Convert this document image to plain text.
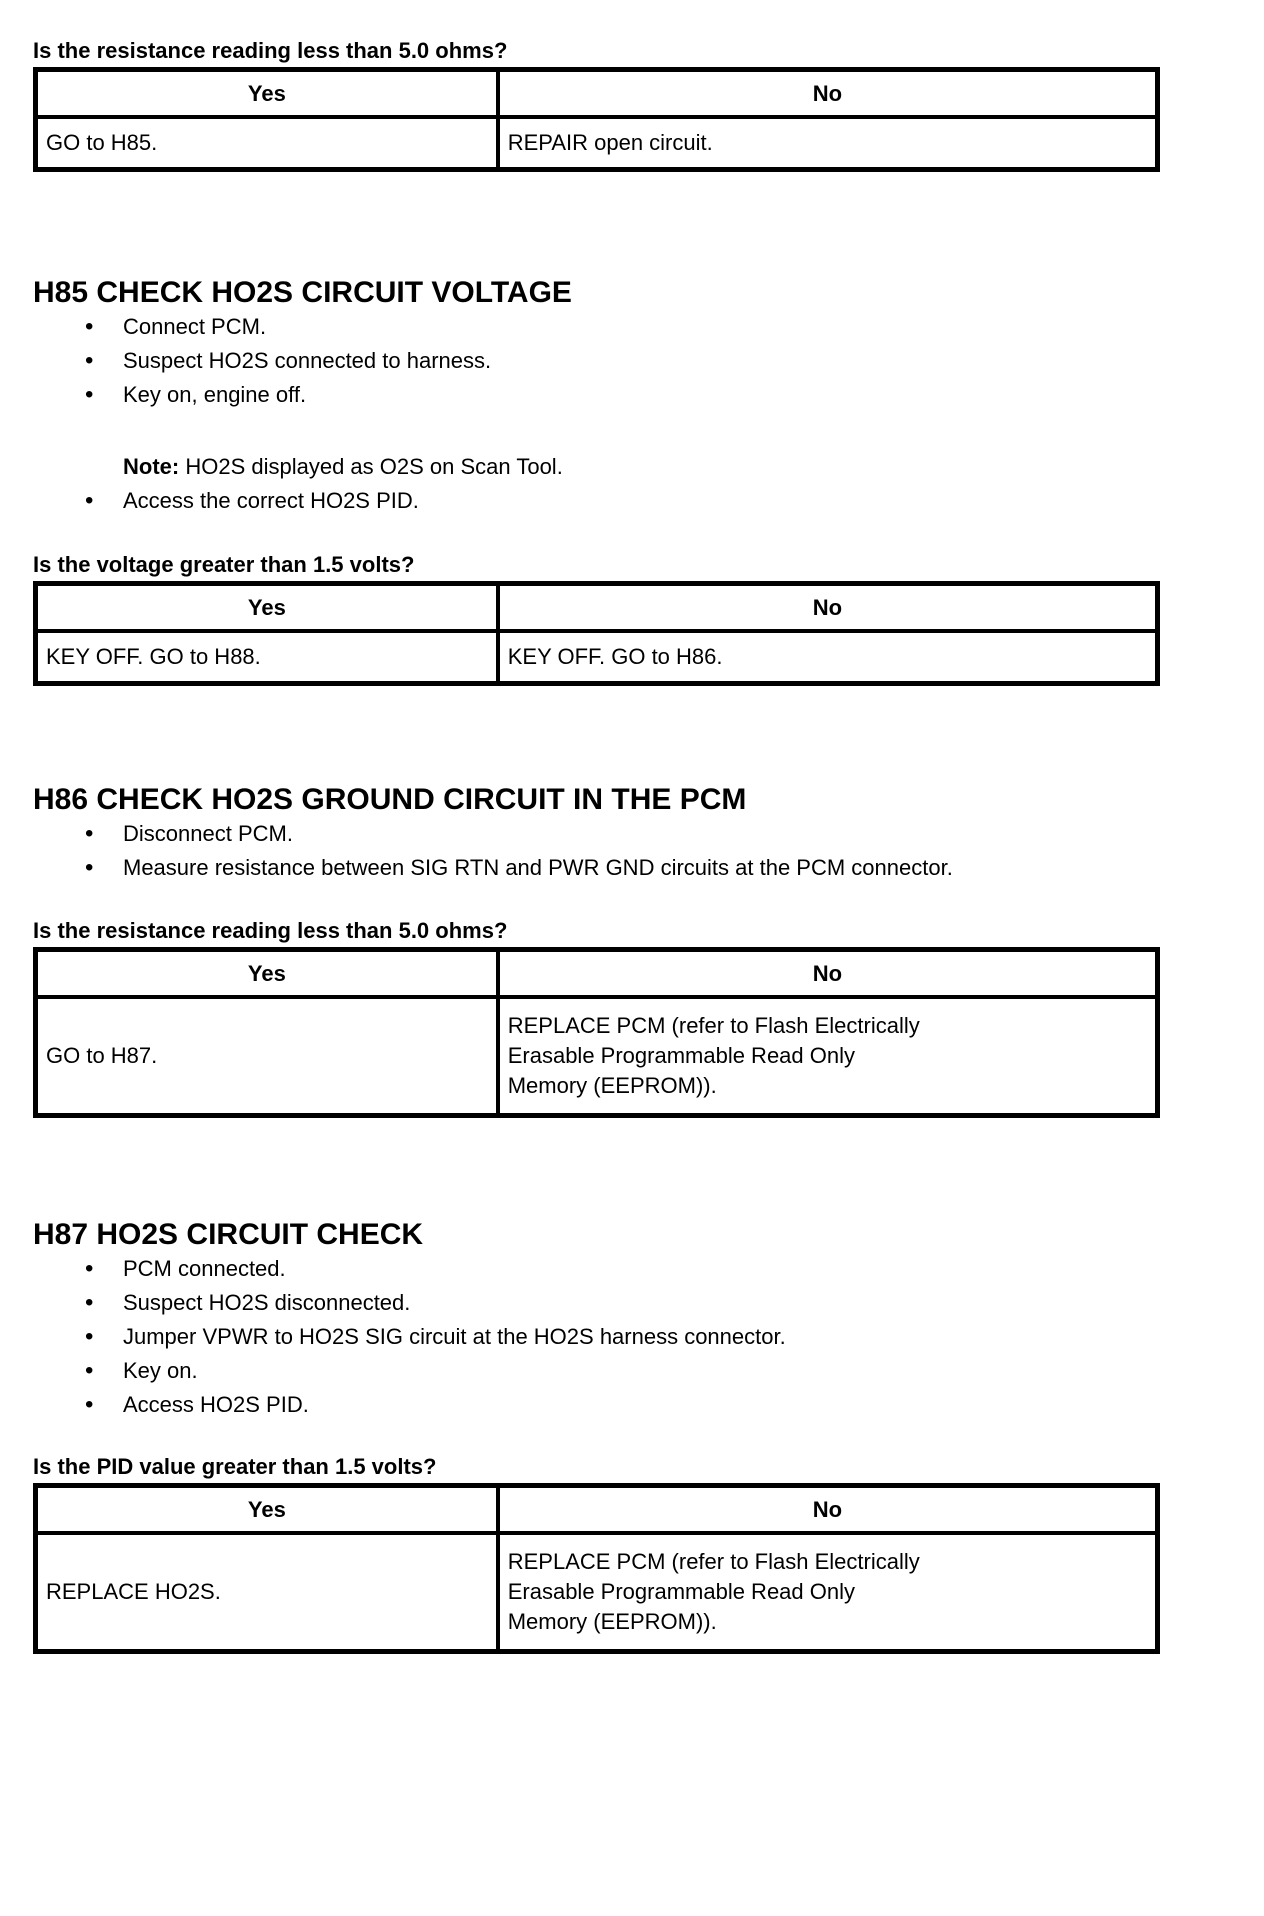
Is the resistance reading less than 5.0 ohms?

Yes	No
GO to H85.	REPAIR open circuit.
H85 CHECK HO2S CIRCUIT VOLTAGE
• Connect PCM.
• Suspect HO2S connected to harness.
• Key on, engine off.
Note: HO2S displayed as O2S on Scan Tool.
• Access the correct HO2S PID.

Is the voltage greater than 1.5 volts?

Yes	No
KEY OFF. GO to H88.	KEY OFF. GO to H86.
H86 CHECK HO2S GROUND CIRCUIT IN THE PCM
• Disconnect PCM.
• Measure resistance between SIG RTN and PWR GND circuits at the PCM connector.

Is the resistance reading less than 5.0 ohms?

Yes	No
GO to H87.	REPLACE PCM (refer to Flash Electrically
Erasable Programmable Read Only
Memory (EEPROM)).
H87 HO2S CIRCUIT CHECK
• PCM connected.
• Suspect HO2S disconnected.
• Jumper VPWR to HO2S SIG circuit at the HO2S harness connector.
• Key on.
• Access HO2S PID.

Is the PID value greater than 1.5 volts?

Yes	No
REPLACE HO2S.	REPLACE PCM (refer to Flash Electrically
Erasable Programmable Read Only
Memory (EEPROM)).
